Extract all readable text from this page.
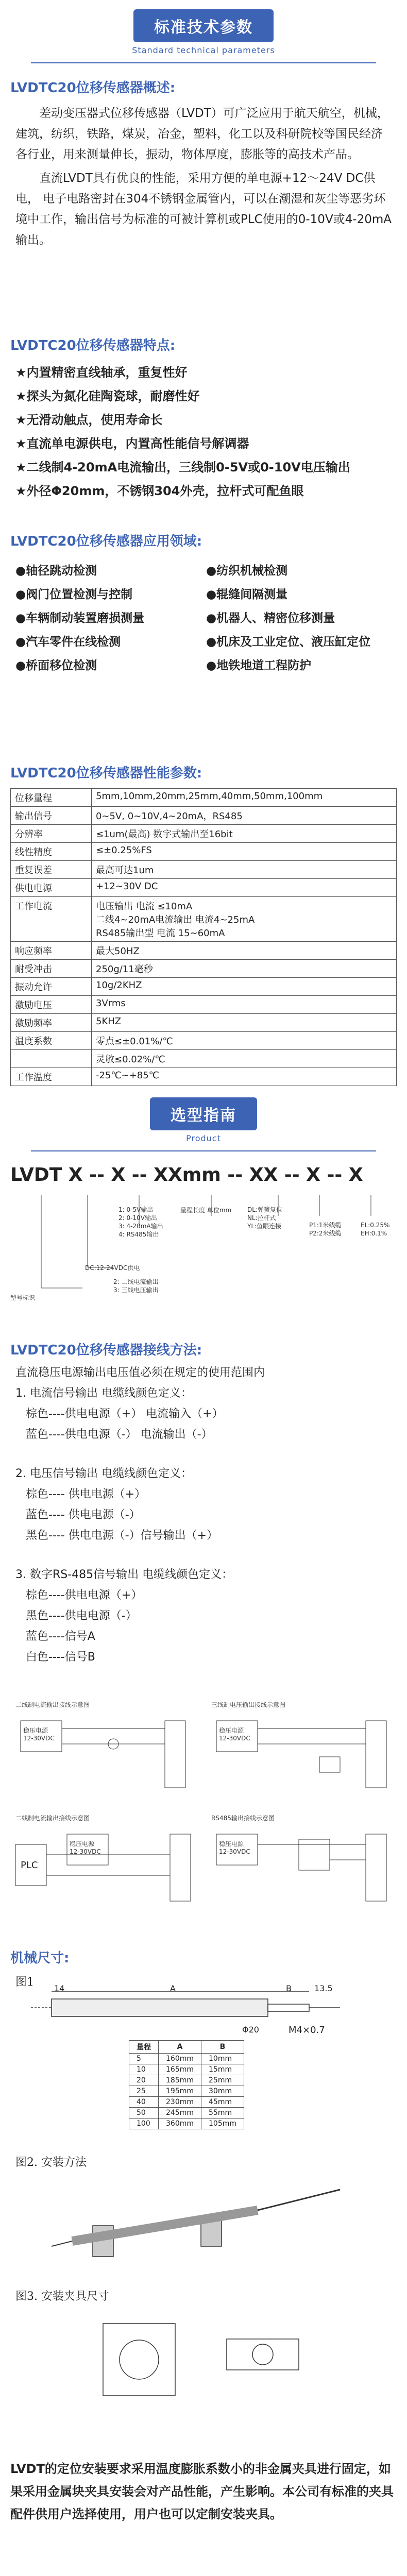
标准技术参数
Standard technical parameters
LVDTC20位移传感器概述:

差动变压器式位移传感器（LVDT）可广泛应用于航天航空，机械，建筑，纺织，铁路，煤炭，冶金，塑料，化工以及科研院校等国民经济各行业，用来测量伸长，振动，物体厚度，膨胀等的高技术产品。

直流LVDT具有优良的性能，采用方便的单电源+12～24V DC供电， 电子电路密封在304不锈钢金属管内，可以在潮湿和灰尘等恶劣环境中工作，输出信号为标准的可被计算机或PLC使用的0-10V或4-20mA输出。

LVDTC20位移传感器特点:
★内置精密直线轴承，重复性好
★探头为氮化硅陶瓷球，耐磨性好
★无滑动触点，使用寿命长
★直流单电源供电，内置高性能信号解调器
★二线制4-20mA电流输出，三线制0-5V或0-10V电压输出
★外径Φ20mm，不锈钢304外壳，拉杆式可配鱼眼
LVDTC20位移传感器应用领域:
●轴径跳动检测	●纺织机械检测
●阀门位置检测与控制	●辊缝间隔测量
●车辆制动装置磨损测量	●机器人、精密位移测量
●汽车零件在线检测	●机床及工业定位、液压缸定位
●桥面移位检测	●地铁地道工程防护
LVDTC20位移传感器性能参数:
位移量程	5mm,10mm,20mm,25mm,40mm,50mm,100mm
输出信号	0~5V, 0~10V,4~20mA，RS485
分辨率	≤1um(最高) 数字式输出至16bit
线性精度	≤±0.25%FS
重复误差	最高可达1um
供电电源	+12~30V DC
工作电流	电压输出 电流 ≤10mA
二线4~20mA电流输出 电流4~25mA
RS485输出型 电流 15~60mA
响应频率	最大50HZ
耐受冲击	250g/11毫秒
振动允许	10g/2KHZ
激励电压	3Vrms
激励频率	5KHZ
温度系数	零点≤±0.01%/℃
	灵敏≤0.02%/℃
工作温度	-25℃~+85℃
选型指南
Product
LVDT X -- X -- XXmm -- XX -- X -- X
1: 0-5V输出
2: 0-10V输出
3: 4-20mA输出
4: RS485输出
量程长度 单位mm	DL:弹簧复位
NL:拉杆式
YL:鱼眼连接	P1:1米线缆
P2:2米线缆
EL:0.25%
EH:0.1%
型号标识
DC:12-24VDC供电
2: 二线电流输出
3: 三线电压输出
LVDTC20位移传感器接线方法:
直流稳压电源输出电压值必须在规定的使用范围内
1. 电流信号输出 电缆线颜色定义：
棕色----供电电源（+） 电流输入（+）
蓝色----供电电源（-） 电流输出（-）
2. 电压信号输出 电缆线颜色定义：
棕色---- 供电电源（+）
蓝色---- 供电电源（-）
黑色---- 供电电源（-）信号输出（+）
3. 数字RS-485信号输出 电缆线颜色定义：
棕色----供电电源（+）
黑色----供电电源（-）
蓝色----信号A
白色----信号B
二线制电流输出接线示意图	三线制电压输出接线示意图
稳压电源
12-30VDC
稳压电源
12-30VDC
二线制电流输出接线示意图	RS485输出接线示意图
PLC
稳压电源
12-30VDC
稳压电源
12-30VDC
机械尺寸:
图1 14	A	B	13.5
M4×0.7
Φ20
量程	A	B
5	160mm	10mm
10	165mm	15mm
20	185mm	25mm
25	195mm	30mm
40	230mm	45mm
50	245mm	55mm
100	360mm	105mm
图2. 安装方法
图3. 安装夹具尺寸
LVDT的定位安装要求采用温度膨胀系数小的非金属夹具进行固定，如果采用金属块夹具安装会对产品性能，产生影响。本公司有标准的夹具配件供用户选择使用，用户也可以定制安装夹具。
